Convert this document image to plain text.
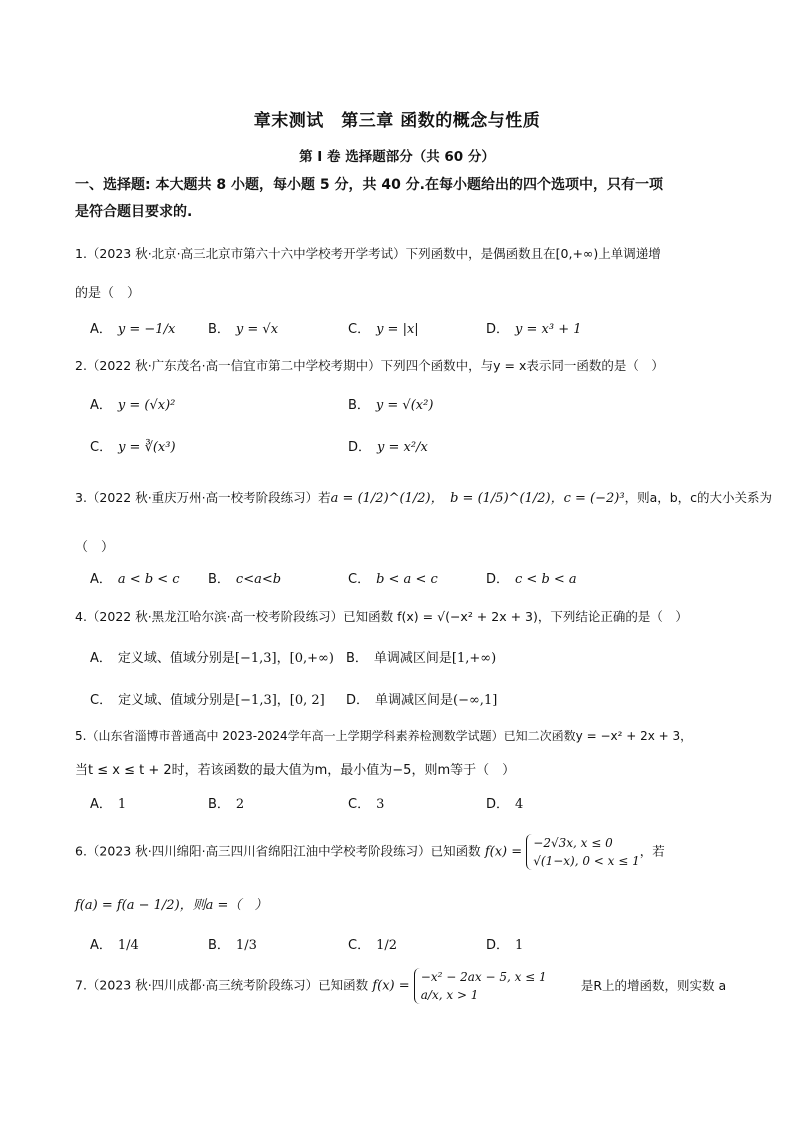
章末测试　第三章 函数的概念与性质
第 I 卷 选择题部分（共 60 分）
一、选择题: 本大题共 8 小题，每小题 5 分，共 40 分.在每小题给出的四个选项中，只有一项
是符合题目要求的.
1.（2023 秋·北京·高三北京市第六十六中学校考开学考试）下列函数中，是偶函数且在[0,+∞)上单调递增
的是（　）
A． y = −1/x	B． y = √x	C． y = |x|	D． y = x³ + 1
2.（2022 秋·广东茂名·高一信宜市第二中学校考期中）下列四个函数中，与y = x表示同一函数的是（　）
A． y = (√x)²	B． y = √(x²)
C． y = ∛(x³)	D． y = x²/x
3.（2022 秋·重庆万州·高一校考阶段练习）若a = (1/2)^(1/2)，　b = (1/5)^(1/2)，c = (−2)³，则a，b，c的大小关系为
（　）
A． a < b < c B． c<a<b	C． b < a < c	D． c < b < a
4.（2022 秋·黑龙江哈尔滨·高一校考阶段练习）已知函数 f(x) = √(−x² + 2x + 3)，下列结论正确的是（　）
A． 定义域、值域分别是[−1,3]，[0,+∞) B． 单调减区间是[1,+∞)
C． 定义域、值域分别是[−1,3]，[0, 2] D． 单调减区间是(−∞,1]
5.（山东省淄博市普通高中 2023-2024学年高一上学期学科素养检测数学试题）已知二次函数y = −x² + 2x + 3，
当t ≤ x ≤ t + 2时，若该函数的最大值为m，最小值为−5，则m等于（　）
A． 1	B． 2	C． 3	D． 4
6.（2023 秋·四川绵阳·高三四川省绵阳江油中学校考阶段练习）已知函数 f(x) =
−2√3x, x ≤ 0
√(1−x), 0 < x ≤ 1
，若
f(a) = f(a − 1/2)，则a =（　）
A． 1/4	B． 1/3	C． 1/2	D． 1
7.（2023 秋·四川成都·高三统考阶段练习）已知函数 f(x) =
−x² − 2ax − 5, x ≤ 1
a/x, x > 1
是R上的增函数，则实数 a
